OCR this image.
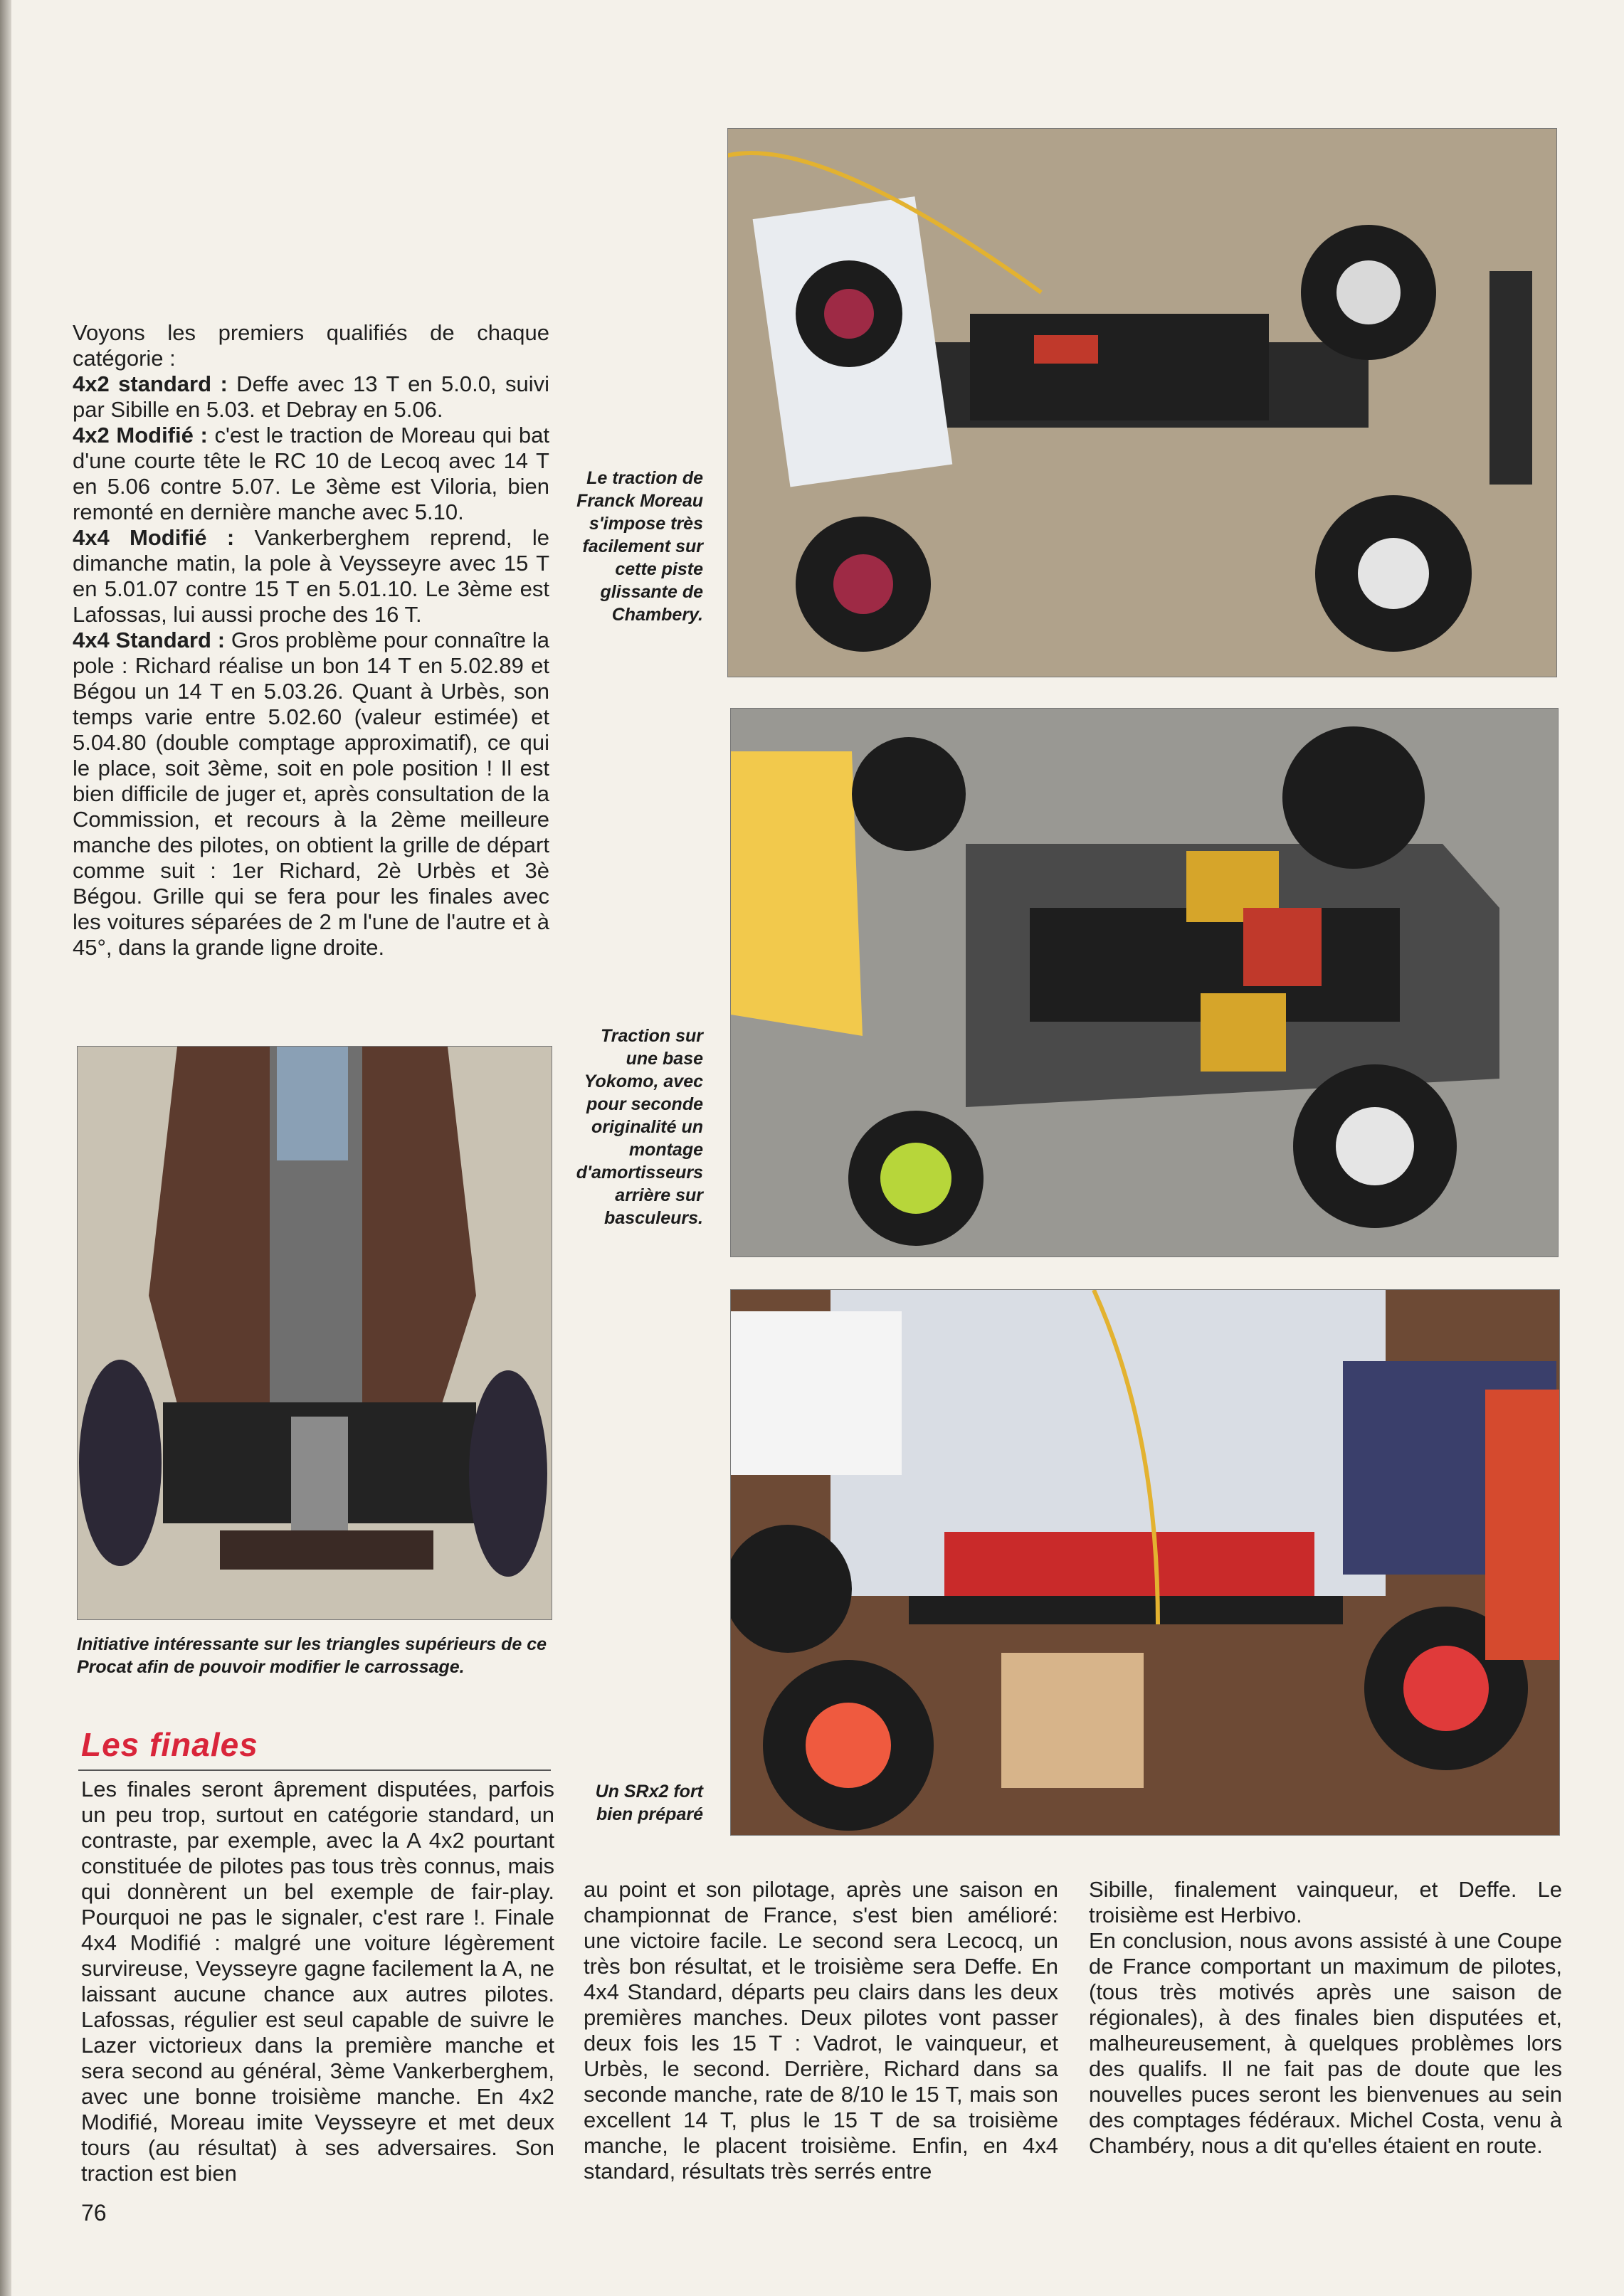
Voyons les premiers qualifiés de chaque catégorie :

4x2 standard : Deffe avec 13 T en 5.0.0, suivi par Sibille en 5.03. et Debray en 5.06.

4x2 Modifié : c'est le traction de Moreau qui bat d'une courte tête le RC 10 de Lecoq avec 14 T en 5.06 contre 5.07. Le 3ème est Viloria, bien remonté en dernière manche avec 5.10.

4x4 Modifié : Vankerberghem reprend, le dimanche matin, la pole à Veysseyre avec 15 T en 5.01.07 contre 15 T en 5.01.10. Le 3ème est Lafossas, lui aussi proche des 16 T.

4x4 Standard : Gros problème pour connaître la pole : Richard réalise un bon 14 T en 5.02.89 et Bégou un 14 T en 5.03.26. Quant à Urbès, son temps varie entre 5.02.60 (valeur estimée) et 5.04.80 (double comptage approximatif), ce qui le place, soit 3ème, soit en pole position ! Il est bien difficile de juger et, après consultation de la Commission, et recours à la 2ème meilleure manche des pilotes, on obtient la grille de départ comme suit : 1er Richard, 2è Urbès et 3è Bégou. Grille qui se fera pour les finales avec les voitures séparées de 2 m l'une de l'autre et à 45°, dans la grande ligne droite.

Le traction de Franck Moreau s'impose très facilement sur cette piste glissante de Chambery.
Traction sur une base Yokomo, avec pour seconde originalité un montage d'amortisseurs arrière sur basculeurs.
Un SRx2 fort bien préparé
Initiative intéressante sur les triangles supérieurs de ce Procat afin de pouvoir modifier le carrossage.
Les finales

Les finales seront âprement disputées, parfois un peu trop, surtout en catégorie standard, un contraste, par exemple, avec la A 4x2 pourtant constituée de pilotes pas tous très connus, mais qui donnèrent un bel exemple de fair-play. Pourquoi ne pas le signaler, c'est rare !. Finale 4x4 Modifié : malgré une voiture légèrement survireuse, Veysseyre gagne facilement la A, ne laissant aucune chance aux autres pilotes. Lafossas, régulier est seul capable de suivre le Lazer victorieux dans la première manche et sera second au général, 3ème Vankerberghem, avec une bonne troisième manche. En 4x2 Modifié, Moreau imite Veysseyre et met deux tours (au résultat) à ses adversaires. Son traction est bien

au point et son pilotage, après une saison en championnat de France, s'est bien amélioré: une victoire facile. Le second sera Lecocq, un très bon résultat, et le troisième sera Deffe. En 4x4 Standard, départs peu clairs dans les deux premières manches. Deux pilotes vont passer deux fois les 15 T : Vadrot, le vainqueur, et Urbès, le second. Derrière, Richard dans sa seconde manche, rate de 8/10 le 15 T, mais son excellent 14 T, plus le 15 T de sa troisième manche, le placent troisième. Enfin, en 4x4 standard, résultats très serrés entre

Sibille, finalement vainqueur, et Deffe. Le troisième est Herbivo.

En conclusion, nous avons assisté à une Coupe de France comportant un maximum de pilotes,(tous très motivés après une saison de régionales), à des finales bien disputées et, malheureusement, à quelques problèmes lors des qualifs. Il ne fait pas de doute que les nouvelles puces seront les bienvenues au sein des comptages fédéraux. Michel Costa, venu à Chambéry, nous a dit qu'elles étaient en route.

76
